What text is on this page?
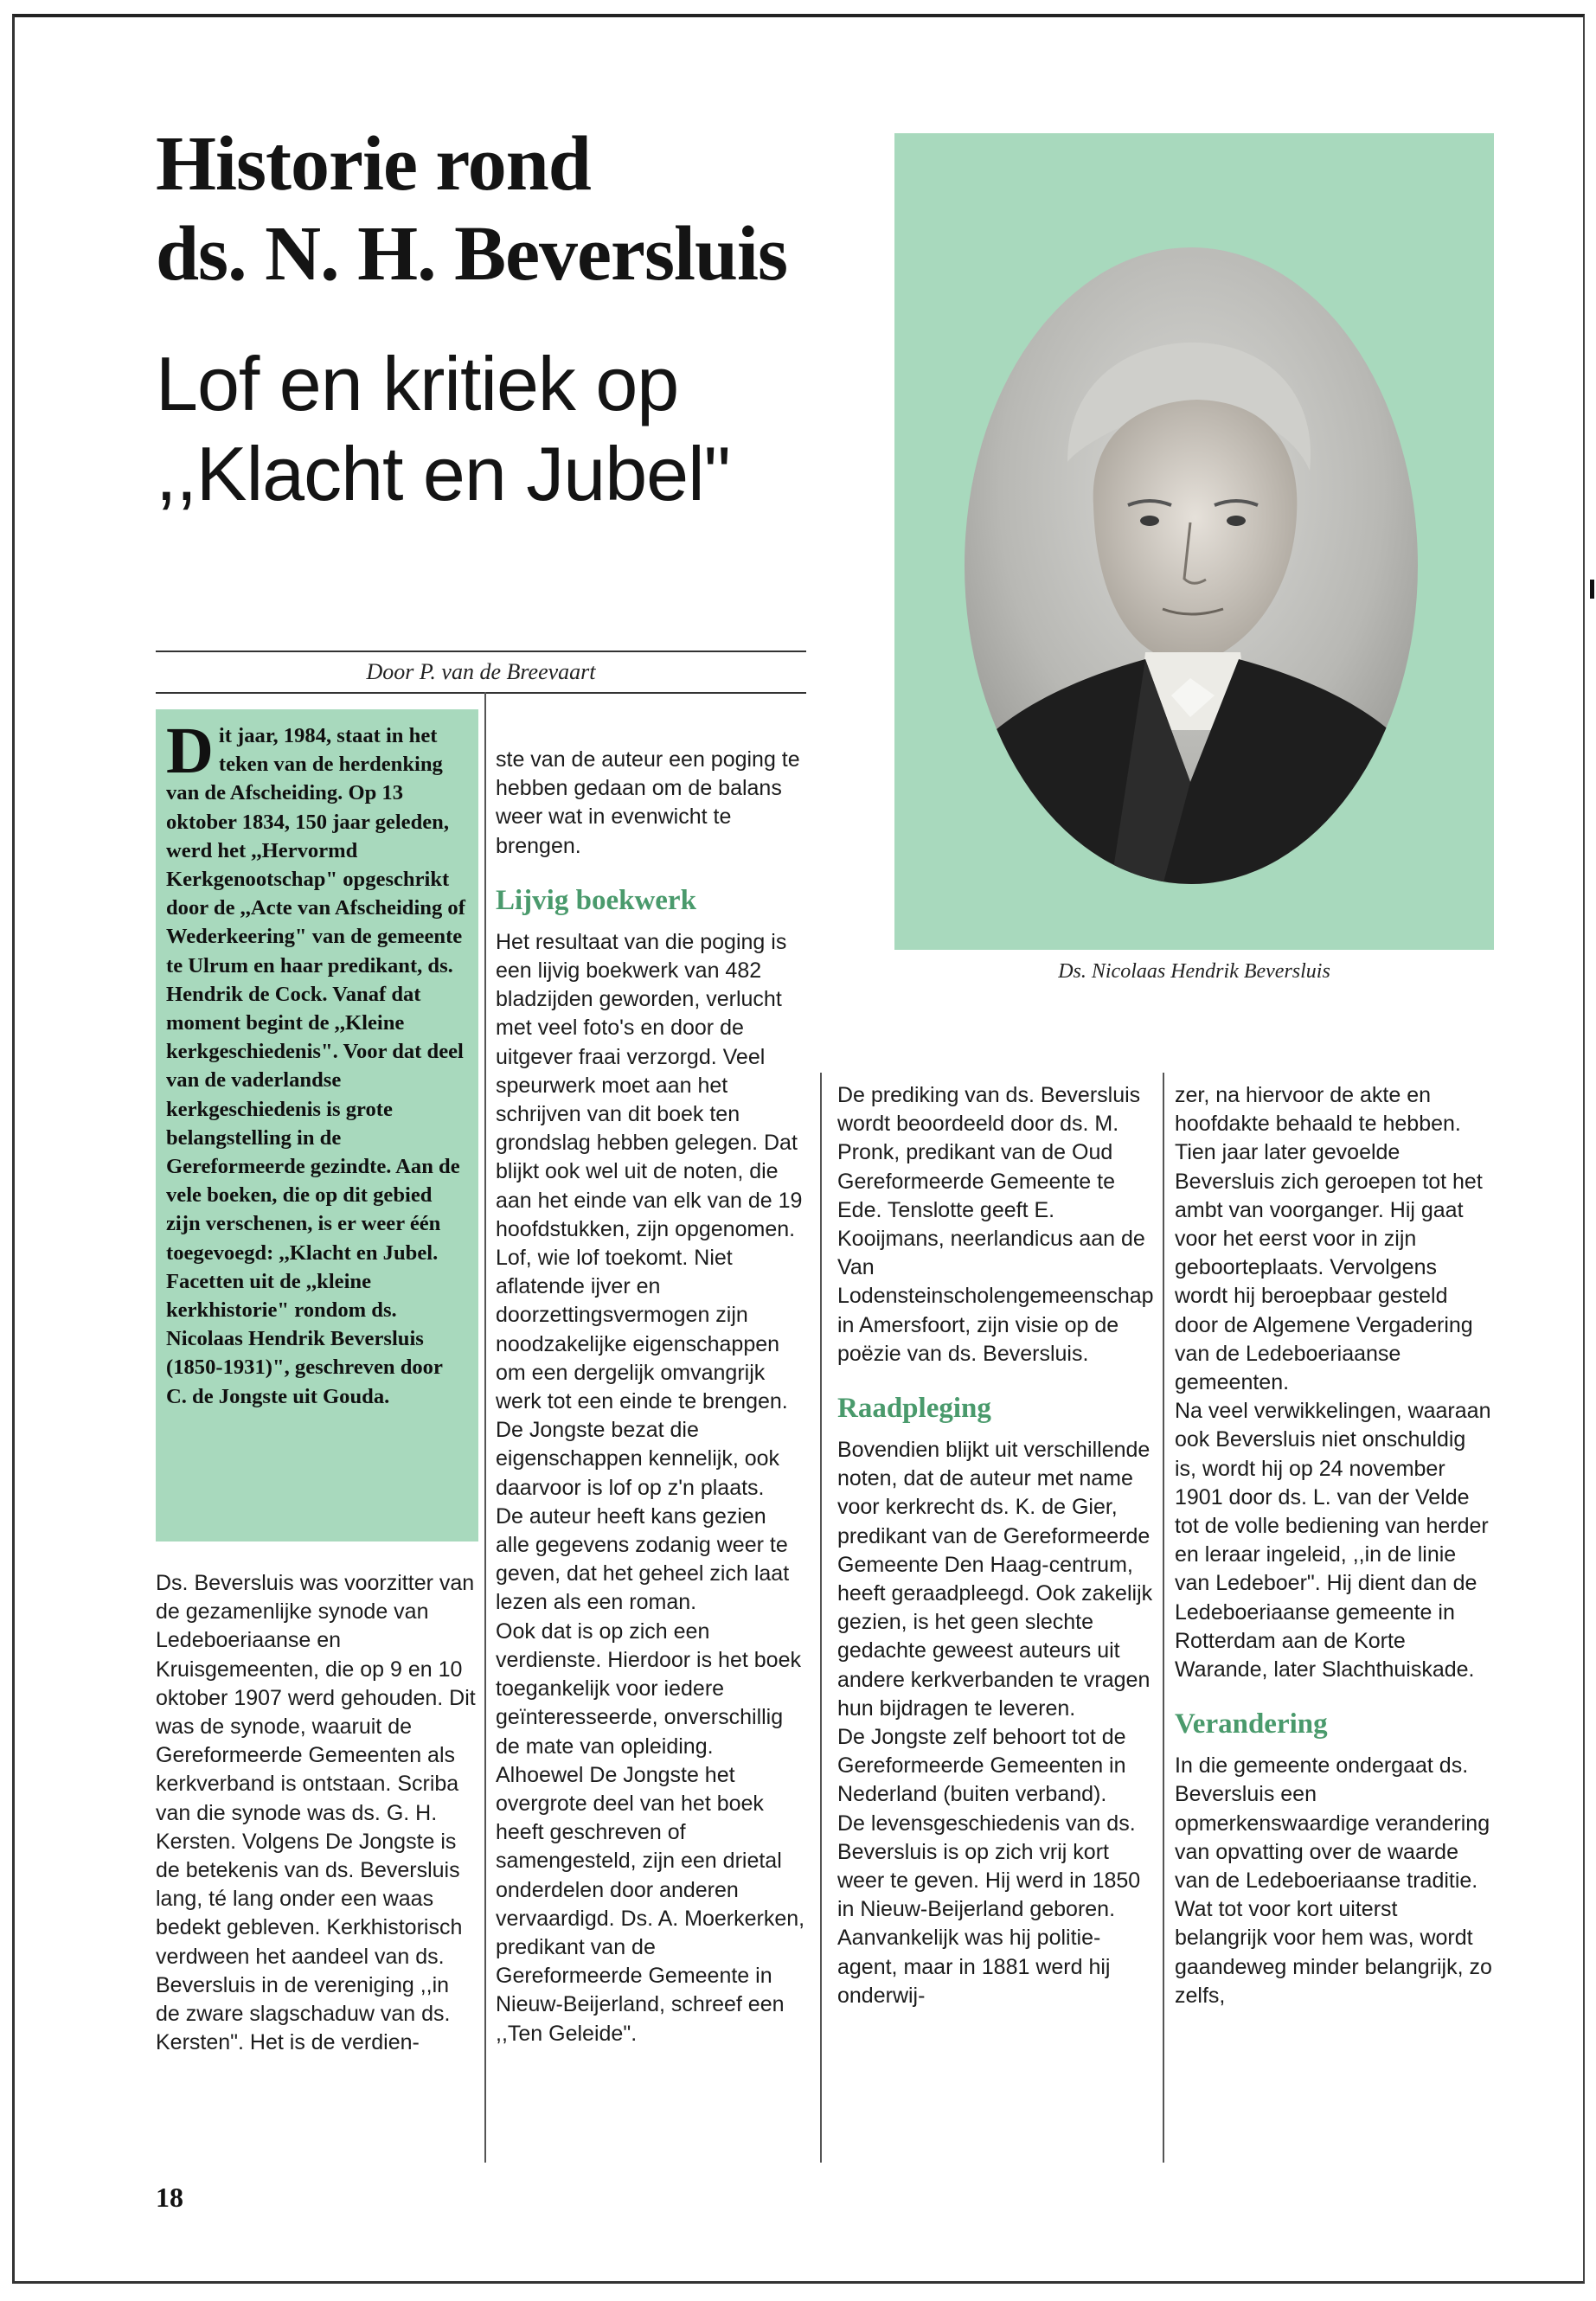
Historie rond
ds. N. H. Beversluis
Lof en kritiek op
,,Klacht en Jubel"
Door P. van de Breevaart
Ds. Nicolaas Hendrik Beversluis
Dit jaar, 1984, staat in het teken van de herdenking van de Afscheiding. Op 13 oktober 1834, 150 jaar geleden, werd het ,,Hervormd Kerkgenootschap" opgeschrikt door de ,,Acte van Afscheiding of Wederkeering" van de gemeente te Ulrum en haar predikant, ds. Hendrik de Cock. Vanaf dat moment begint de ,,Kleine kerkgeschiedenis". Voor dat deel van de vaderlandse kerkgeschiedenis is grote belangstelling in de Gereformeerde gezindte. Aan de vele boeken, die op dit gebied zijn verschenen, is er weer één toegevoegd: ,,Klacht en Jubel. Facetten uit de ,,kleine kerkhistorie" rondom ds. Nicolaas Hendrik Beversluis (1850-1931)", geschreven door C. de Jongste uit Gouda.

Ds. Beversluis was voorzitter van de gezamenlijke synode van Ledeboeriaanse en Kruisgemeenten, die op 9 en 10 oktober 1907 werd gehouden. Dit was de synode, waaruit de Gereformeerde Gemeenten als kerkverband is ontstaan. Scriba van die synode was ds. G. H. Kersten. Volgens De Jongste is de betekenis van ds. Beversluis lang, té lang onder een waas bedekt gebleven. Kerkhistorisch verdween het aandeel van ds. Beversluis in de vereniging ,,in de zware slagschaduw van ds. Kersten". Het is de verdien-

ste van de auteur een poging te hebben gedaan om de balans weer wat in evenwicht te brengen.

Lijvig boekwerk

Het resultaat van die poging is een lijvig boekwerk van 482 bladzijden geworden, verlucht met veel foto's en door de uitgever fraai verzorgd. Veel speurwerk moet aan het schrijven van dit boek ten grondslag hebben gelegen. Dat blijkt ook wel uit de noten, die aan het einde van elk van de 19 hoofdstukken, zijn opgenomen. Lof, wie lof toekomt. Niet aflatende ijver en doorzettingsvermogen zijn noodzakelijke eigenschappen om een dergelijk omvangrijk werk tot een einde te brengen. De Jongste bezat die eigenschappen kennelijk, ook daarvoor is lof op z'n plaats.

De auteur heeft kans gezien alle gegevens zodanig weer te geven, dat het geheel zich laat lezen als een roman.

Ook dat is op zich een verdienste. Hierdoor is het boek toegankelijk voor iedere geïnteresseerde, onverschillig de mate van opleiding.

Alhoewel De Jongste het overgrote deel van het boek heeft geschreven of samengesteld, zijn een drietal onderdelen door anderen vervaardigd. Ds. A. Moerkerken, predikant van de Gereformeerde Gemeente in Nieuw-Beijerland, schreef een ,,Ten Geleide".

De prediking van ds. Beversluis wordt beoordeeld door ds. M. Pronk, predikant van de Oud Gereformeerde Gemeente te Ede. Tenslotte geeft E. Kooijmans, neerlandicus aan de Van Lodensteinscholengemeenschap in Amersfoort, zijn visie op de poëzie van ds. Beversluis.

Raadpleging

Bovendien blijkt uit verschillende noten, dat de auteur met name voor kerkrecht ds. K. de Gier, predikant van de Gereformeerde Gemeente Den Haag-centrum, heeft geraadpleegd. Ook zakelijk gezien, is het geen slechte gedachte geweest auteurs uit andere kerkverbanden te vragen hun bijdragen te leveren.

De Jongste zelf behoort tot de Gereformeerde Gemeenten in Nederland (buiten verband).

De levensgeschiedenis van ds. Beversluis is op zich vrij kort weer te geven. Hij werd in 1850 in Nieuw-Beijerland geboren. Aanvankelijk was hij politie-agent, maar in 1881 werd hij onderwij-

zer, na hiervoor de akte en hoofdakte behaald te hebben.

Tien jaar later gevoelde Beversluis zich geroepen tot het ambt van voorganger. Hij gaat voor het eerst voor in zijn geboorteplaats. Vervolgens wordt hij beroepbaar gesteld door de Algemene Vergadering van de Ledeboeriaanse gemeenten.

Na veel verwikkelingen, waaraan ook Beversluis niet onschuldig is, wordt hij op 24 november 1901 door ds. L. van der Velde tot de volle bediening van herder en leraar ingeleid, ,,in de linie van Ledeboer". Hij dient dan de Ledeboeriaanse gemeente in Rotterdam aan de Korte Warande, later Slachthuiskade.

Verandering

In die gemeente ondergaat ds. Beversluis een opmerkenswaardige verandering van opvatting over de waarde van de Ledeboeriaanse traditie. Wat tot voor kort uiterst belangrijk voor hem was, wordt gaandeweg minder belangrijk, zo zelfs,

18
